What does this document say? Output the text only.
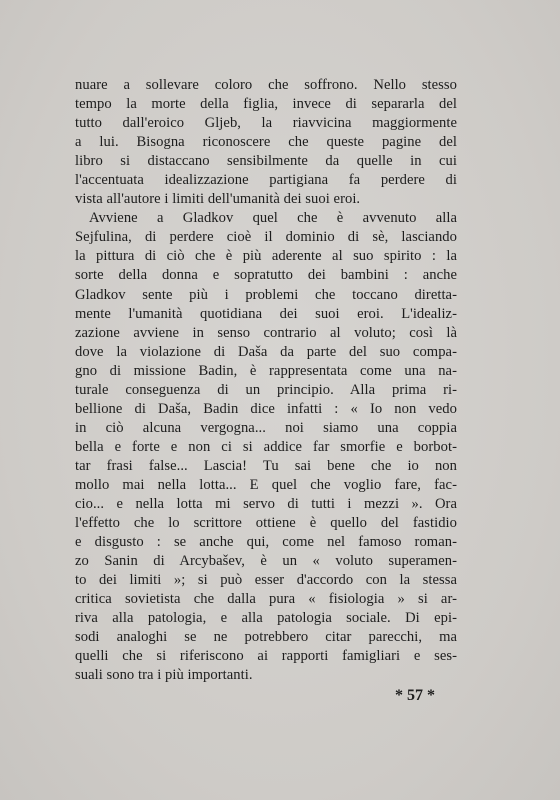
nuare a sollevare coloro che soffrono. Nello stesso
tempo la morte della figlia, invece di separarla del
tutto dall'eroico Gljeb, la riavvicina maggiormente
a lui. Bisogna riconoscere che queste pagine del
libro si distaccano sensibilmente da quelle in cui
l'accentuata idealizzazione partigiana fa perdere di
vista all'autore i limiti dell'umanità dei suoi eroi.
Avviene a Gladkov quel che è avvenuto alla
Sejfulina, di perdere cioè il dominio di sè, lasciando
la pittura di ciò che è più aderente al suo spirito : la
sorte della donna e sopratutto dei bambini : anche
Gladkov sente più i problemi che toccano diretta-
mente l'umanità quotidiana dei suoi eroi. L'idealiz-
zazione avviene in senso contrario al voluto; così là
dove la violazione di Daša da parte del suo compa-
gno di missione Badin, è rappresentata come una na-
turale conseguenza di un principio. Alla prima ri-
bellione di Daša, Badin dice infatti : « Io non vedo
in ciò alcuna vergogna... noi siamo una coppia
bella e forte e non ci si addice far smorfie e borbot-
tar frasi false... Lascia! Tu sai bene che io non
mollo mai nella lotta... E quel che voglio fare, fac-
cio... e nella lotta mi servo di tutti i mezzi ». Ora
l'effetto che lo scrittore ottiene è quello del fastidio
e disgusto : se anche qui, come nel famoso roman-
zo Sanin di Arcybašev, è un « voluto superamen-
to dei limiti »; si può esser d'accordo con la stessa
critica sovietista che dalla pura « fisiologia » si ar-
riva alla patologia, e alla patologia sociale. Di epi-
sodi analoghi se ne potrebbero citar parecchi, ma
quelli che si riferiscono ai rapporti famigliari e ses-
suali sono tra i più importanti.
* 57 *
